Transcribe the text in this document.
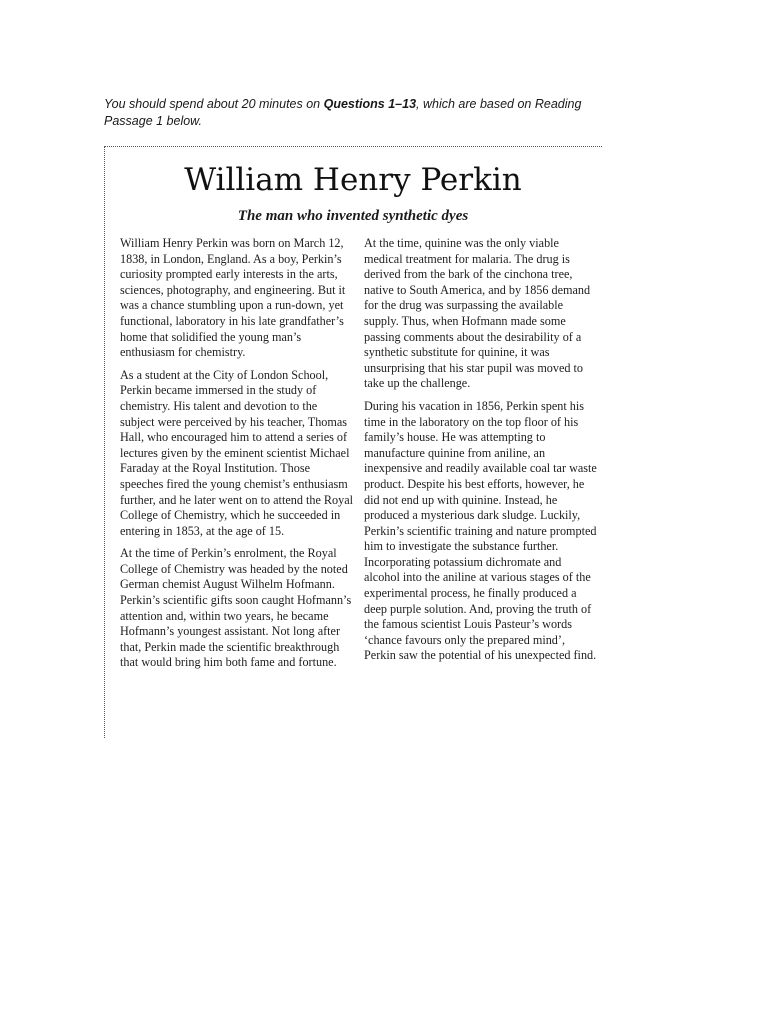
You should spend about 20 minutes on Questions 1–13, which are based on Reading Passage 1 below.

William Henry Perkin

The man who invented synthetic dyes

William Henry Perkin was born on March 12, 1838, in London, England. As a boy, Perkin’s curiosity prompted early interests in the arts, sciences, photography, and engineering. But it was a chance stumbling upon a run-down, yet functional, laboratory in his late grandfather’s home that solidified the young man’s enthusiasm for chemistry.

As a student at the City of London School, Perkin became immersed in the study of chemistry. His talent and devotion to the subject were perceived by his teacher, Thomas Hall, who encouraged him to attend a series of lectures given by the eminent scientist Michael Faraday at the Royal Institution. Those speeches fired the young chemist’s enthusiasm further, and he later went on to attend the Royal College of Chemistry, which he succeeded in entering in 1853, at the age of 15.

At the time of Perkin’s enrolment, the Royal College of Chemistry was headed by the noted German chemist August Wilhelm Hofmann. Perkin’s scientific gifts soon caught Hofmann’s attention and, within two years, he became Hofmann’s youngest assistant. Not long after that, Perkin made the scientific breakthrough that would bring him both fame and fortune.

At the time, quinine was the only viable medical treatment for malaria. The drug is derived from the bark of the cinchona tree, native to South America, and by 1856 demand for the drug was surpassing the available supply. Thus, when Hofmann made some passing comments about the desirability of a synthetic substitute for quinine, it was unsurprising that his star pupil was moved to take up the challenge.

During his vacation in 1856, Perkin spent his time in the laboratory on the top floor of his family’s house. He was attempting to manufacture quinine from aniline, an inexpensive and readily available coal tar waste product. Despite his best efforts, however, he did not end up with quinine. Instead, he produced a mysterious dark sludge. Luckily, Perkin’s scientific training and nature prompted him to investigate the substance further. Incorporating potassium dichromate and alcohol into the aniline at various stages of the experimental process, he finally produced a deep purple solution. And, proving the truth of the famous scientist Louis Pasteur’s words ‘chance favours only the prepared mind’, Perkin saw the potential of his unexpected find.
